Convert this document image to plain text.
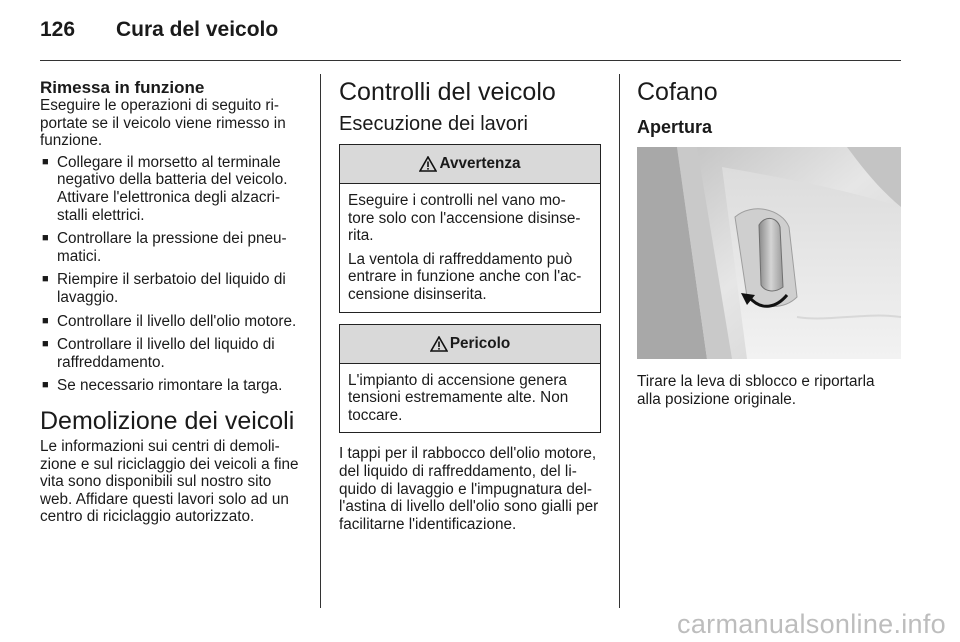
126 Cura del veicolo

Rimessa in funzione

Eseguire le operazioni di seguito ri-portate se il veicolo viene rimesso in funzione.

■ Collegare il morsetto al terminale negativo della batteria del veicolo. Attivare l'elettronica degli alzacri-stalli elettrici.
■ Controllare la pressione dei pneu-matici.
■ Riempire il serbatoio del liquido di lavaggio.
■ Controllare il livello dell'olio motore.
■ Controllare il livello del liquido di raffreddamento.
■ Se necessario rimontare la targa.

Demolizione dei veicoli

Le informazioni sui centri di demoli-zione e sul riciclaggio dei veicoli a fine vita sono disponibili sul nostro sito web. Affidare questi lavori solo ad un centro di riciclaggio autorizzato.

Controlli del veicolo

Esecuzione dei lavori

Avvertenza

Eseguire i controlli nel vano mo-tore solo con l'accensione disinse-rita.

La ventola di raffreddamento può entrare in funzione anche con l'ac-censione disinserita.

Pericolo

L'impianto di accensione genera tensioni estremamente alte. Non toccare.

I tappi per il rabbocco dell'olio motore, del liquido di raffreddamento, del li-quido di lavaggio e l'impugnatura del-l'astina di livello dell'olio sono gialli per facilitarne l'identificazione.

Cofano

Apertura

Tirare la leva di sblocco e riportarla alla posizione originale.

carmanualsonline.info
